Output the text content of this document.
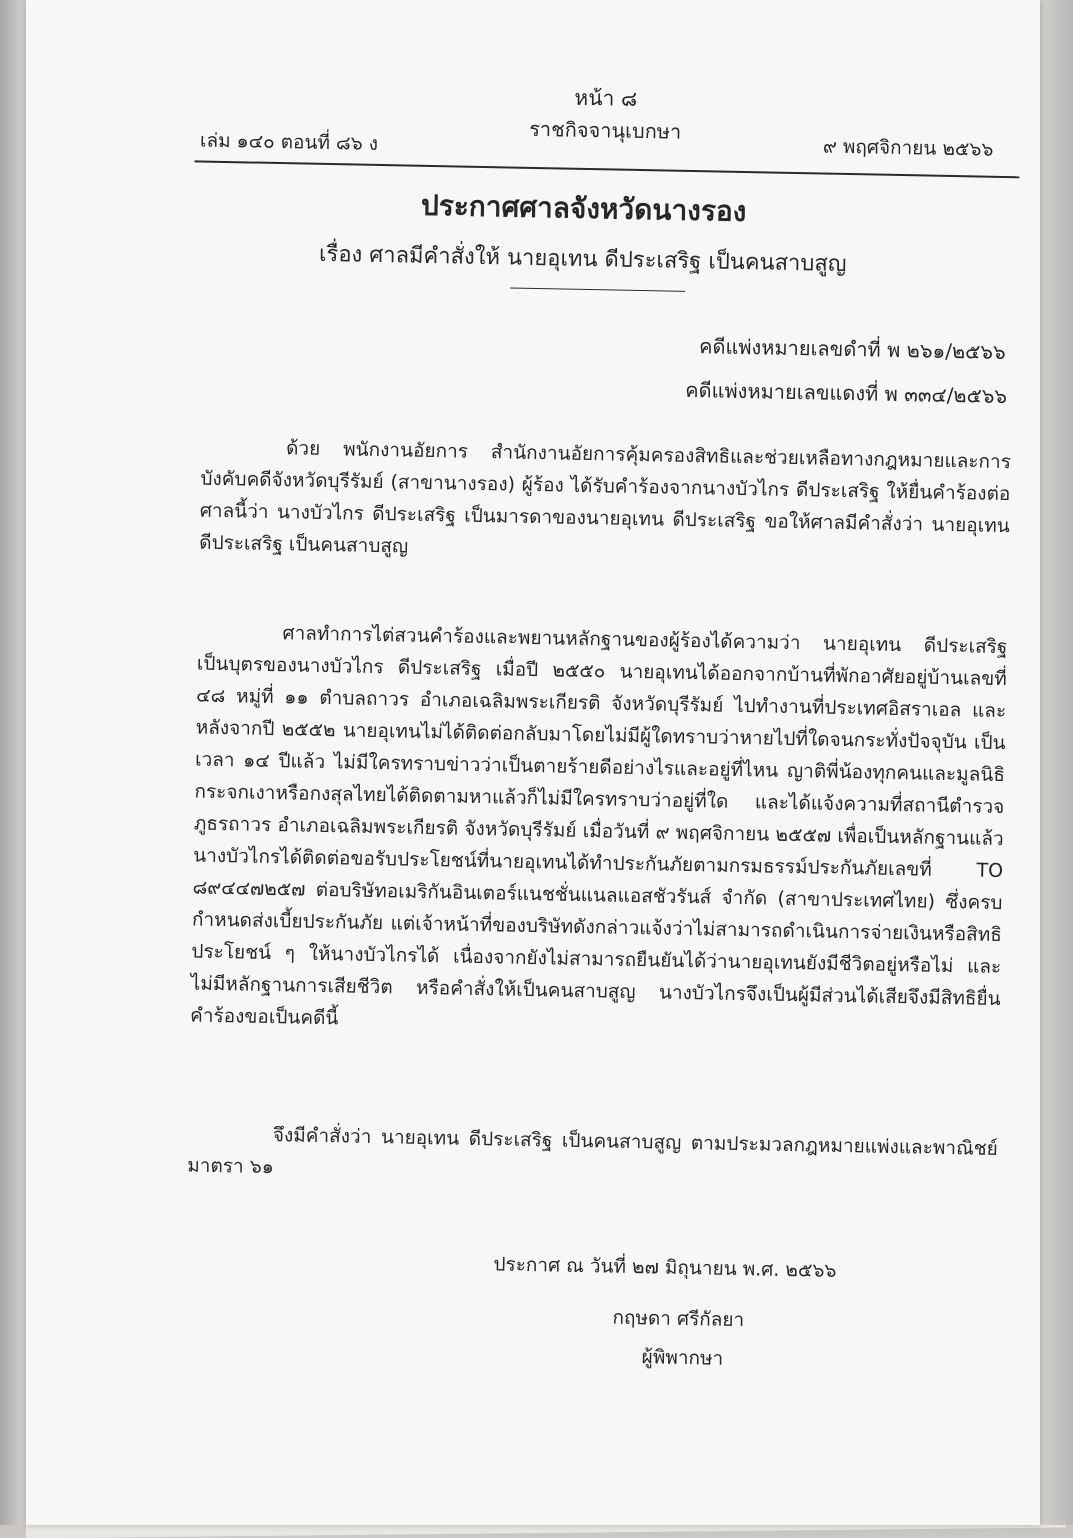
หน้า ๘
ราชกิจจานุเบกษา
เล่ม ๑๔๐ ตอนที่ ๘๖ ง	๙ พฤศจิกายน ๒๕๖๖
ประกาศศาลจังหวัดนางรอง
เรื่อง ศาลมีคำสั่งให้ นายอุเทน ดีประเสริฐ เป็นคนสาบสูญ
คดีแพ่งหมายเลขดำที่ พ ๒๖๑/๒๕๖๖
คดีแพ่งหมายเลขแดงที่ พ ๓๓๔/๒๕๖๖
ด้วย พนักงานอัยการ สำนักงานอัยการคุ้มครองสิทธิและช่วยเหลือทางกฎหมายและการบังคับคดีจังหวัดบุรีรัมย์ (สาขานางรอง) ผู้ร้อง ได้รับคำร้องจากนางบัวไกร ดีประเสริฐ ให้ยื่นคำร้องต่อศาลนี้ว่า นางบัวไกร ดีประเสริฐ เป็นมารดาของนายอุเทน ดีประเสริฐ ขอให้ศาลมีคำสั่งว่า นายอุเทน ดีประเสริฐ เป็นคนสาบสูญ
ศาลทำการไต่สวนคำร้องและพยานหลักฐานของผู้ร้องได้ความว่า นายอุเทน ดีประเสริฐ เป็นบุตรของนางบัวไกร ดีประเสริฐ เมื่อปี ๒๕๕๐ นายอุเทนได้ออกจากบ้านที่พักอาศัยอยู่บ้านเลขที่ ๔๘ หมู่ที่ ๑๑ ตำบลถาวร อำเภอเฉลิมพระเกียรติ จังหวัดบุรีรัมย์ ไปทำงานที่ประเทศอิสราเอล และหลังจากปี ๒๕๕๒ นายอุเทนไม่ได้ติดต่อกลับมาโดยไม่มีผู้ใดทราบว่าหายไปที่ใดจนกระทั่งปัจจุบัน เป็นเวลา ๑๔ ปีแล้ว ไม่มีใครทราบข่าวว่าเป็นตายร้ายดีอย่างไรและอยู่ที่ไหน ญาติพี่น้องทุกคนและมูลนิธิกระจกเงาหรือกงสุลไทยได้ติดตามหาแล้วก็ไม่มีใครทราบว่าอยู่ที่ใด และได้แจ้งความที่สถานีตำรวจภูธรถาวร อำเภอเฉลิมพระเกียรติ จังหวัดบุรีรัมย์ เมื่อวันที่ ๙ พฤศจิกายน ๒๕๕๗ เพื่อเป็นหลักฐานแล้ว นางบัวไกรได้ติดต่อขอรับประโยชน์ที่นายอุเทนได้ทำประกันภัยตามกรมธรรม์ประกันภัยเลขที่ TO ๘๙๔๔๗๒๕๗ ต่อบริษัทอเมริกันอินเตอร์แนชชั่นแนลแอสชัวรันส์ จำกัด (สาขาประเทศไทย) ซึ่งครบกำหนดส่งเบี้ยประกันภัย แต่เจ้าหน้าที่ของบริษัทดังกล่าวแจ้งว่าไม่สามารถดำเนินการจ่ายเงินหรือสิทธิประโยชน์ ๆ ให้นางบัวไกรได้ เนื่องจากยังไม่สามารถยืนยันได้ว่านายอุเทนยังมีชีวิตอยู่หรือไม่ และไม่มีหลักฐานการเสียชีวิต หรือคำสั่งให้เป็นคนสาบสูญ นางบัวไกรจึงเป็นผู้มีส่วนได้เสียจึงมีสิทธิยื่นคำร้องขอเป็นคดีนี้
จึงมีคำสั่งว่า นายอุเทน ดีประเสริฐ เป็นคนสาบสูญ ตามประมวลกฎหมายแพ่งและพาณิชย์ มาตรา ๖๑
ประกาศ ณ วันที่ ๒๗ มิถุนายน พ.ศ. ๒๕๖๖
กฤษดา ศรีกัลยา
ผู้พิพากษา
